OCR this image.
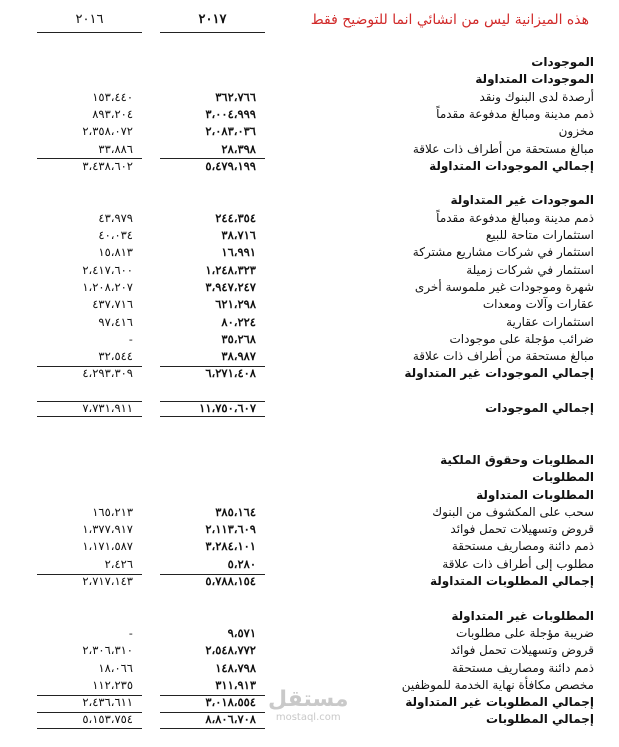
هذه الميزانية ليس من انشائي انما للتوضيح فقط
٢٠١٧
٢٠١٦
الموجودات
الموجودات المتداولة
أرصدة لدى البنوك ونقد
٣٦٢،٧٦٦
١٥٣،٤٤٠
ذمم مدينة ومبالغ مدفوعة مقدماً
٣،٠٠٤،٩٩٩
٨٩٣،٢٠٤
مخزون
٢،٠٨٣،٠٣٦
٢،٣٥٨،٠٧٢
مبالغ مستحقة من أطراف ذات علاقة
٢٨،٣٩٨
٣٣،٨٨٦
إجمالي الموجودات المتداولة
٥،٤٧٩،١٩٩
٣،٤٣٨،٦٠٢
الموجودات غير المتداولة
ذمم مدينة ومبالغ مدفوعة مقدماً
٢٤٤،٣٥٤
٤٣،٩٧٩
استثمارات متاحة للبيع
٣٨،٧١٦
٤٠،٠٣٤
استثمار في شركات مشاريع مشتركة
١٦،٩٩١
١٥،٨١٣
استثمار في شركات زميلة
١،٢٤٨،٣٢٣
٢،٤١٧،٦٠٠
شهرة وموجودات غير ملموسة أخرى
٣،٩٤٧،٢٤٧
١،٢٠٨،٢٠٧
عقارات وآلات ومعدات
٦٢١،٢٩٨
٤٣٧،٧١٦
استثمارات عقارية
٨٠،٢٢٤
٩٧،٤١٦
ضرائب مؤجلة على موجودات
٣٥،٢٦٨
-
مبالغ مستحقة من أطراف ذات علاقة
٣٨،٩٨٧
٣٢،٥٤٤
إجمالي الموجودات غير المتداولة
٦،٢٧١،٤٠٨
٤،٢٩٣،٣٠٩
إجمالي الموجودات
١١،٧٥٠،٦٠٧
٧،٧٣١،٩١١
المطلوبات وحقوق الملكية
المطلوبات
المطلوبات المتداولة
سحب على المكشوف من البنوك
٣٨٥،١٦٤
١٦٥،٢١٣
قروض وتسهيلات تحمل فوائد
٢،١١٣،٦٠٩
١،٣٧٧،٩١٧
ذمم دائنة ومصاريف مستحقة
٣،٢٨٤،١٠١
١،١٧١،٥٨٧
مطلوب إلى أطراف ذات علاقة
٥،٢٨٠
٢،٤٢٦
إجمالي المطلوبات المتداولة
٥،٧٨٨،١٥٤
٢،٧١٧،١٤٣
المطلوبات غير المتداولة
ضريبة مؤجلة على مطلوبات
٩،٥٧١
-
قروض وتسهيلات تحمل فوائد
٢،٥٤٨،٧٧٢
٢،٣٠٦،٣١٠
ذمم دائنة ومصاريف مستحقة
١٤٨،٧٩٨
١٨،٠٦٦
مخصص مكافأة نهاية الخدمة للموظفين
٣١١،٩١٣
١١٢،٢٣٥
إجمالي المطلوبات غير المتداولة
٣،٠١٨،٥٥٤
٢،٤٣٦،٦١١
إجمالي المطلوبات
٨،٨٠٦،٧٠٨
٥،١٥٣،٧٥٤
مستقل
mostaql.com
